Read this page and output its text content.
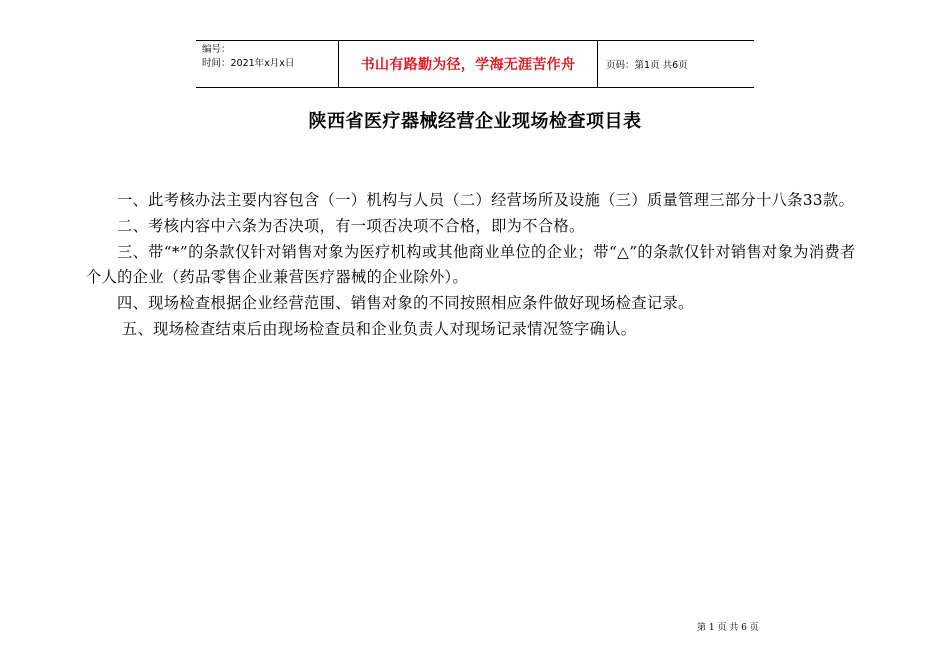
编号：
时间：2021年x月x日	书山有路勤为径，学海无涯苦作舟	页码：第1页 共6页
陕西省医疗器械经营企业现场检查项目表

一、此考核办法主要内容包含（一）机构与人员（二）经营场所及设施（三）质量管理三部分十八条33款。

二、考核内容中六条为否决项，有一项否决项不合格，即为不合格。

三、带“*”的条款仅针对销售对象为医疗机构或其他商业单位的企业；带“△”的条款仅针对销售对象为消费者个人的企业（药品零售企业兼营医疗器械的企业除外）。

四、现场检查根据企业经营范围、销售对象的不同按照相应条件做好现场检查记录。

五、现场检查结束后由现场检查员和企业负责人对现场记录情况签字确认。

第 1 页 共 6 页
